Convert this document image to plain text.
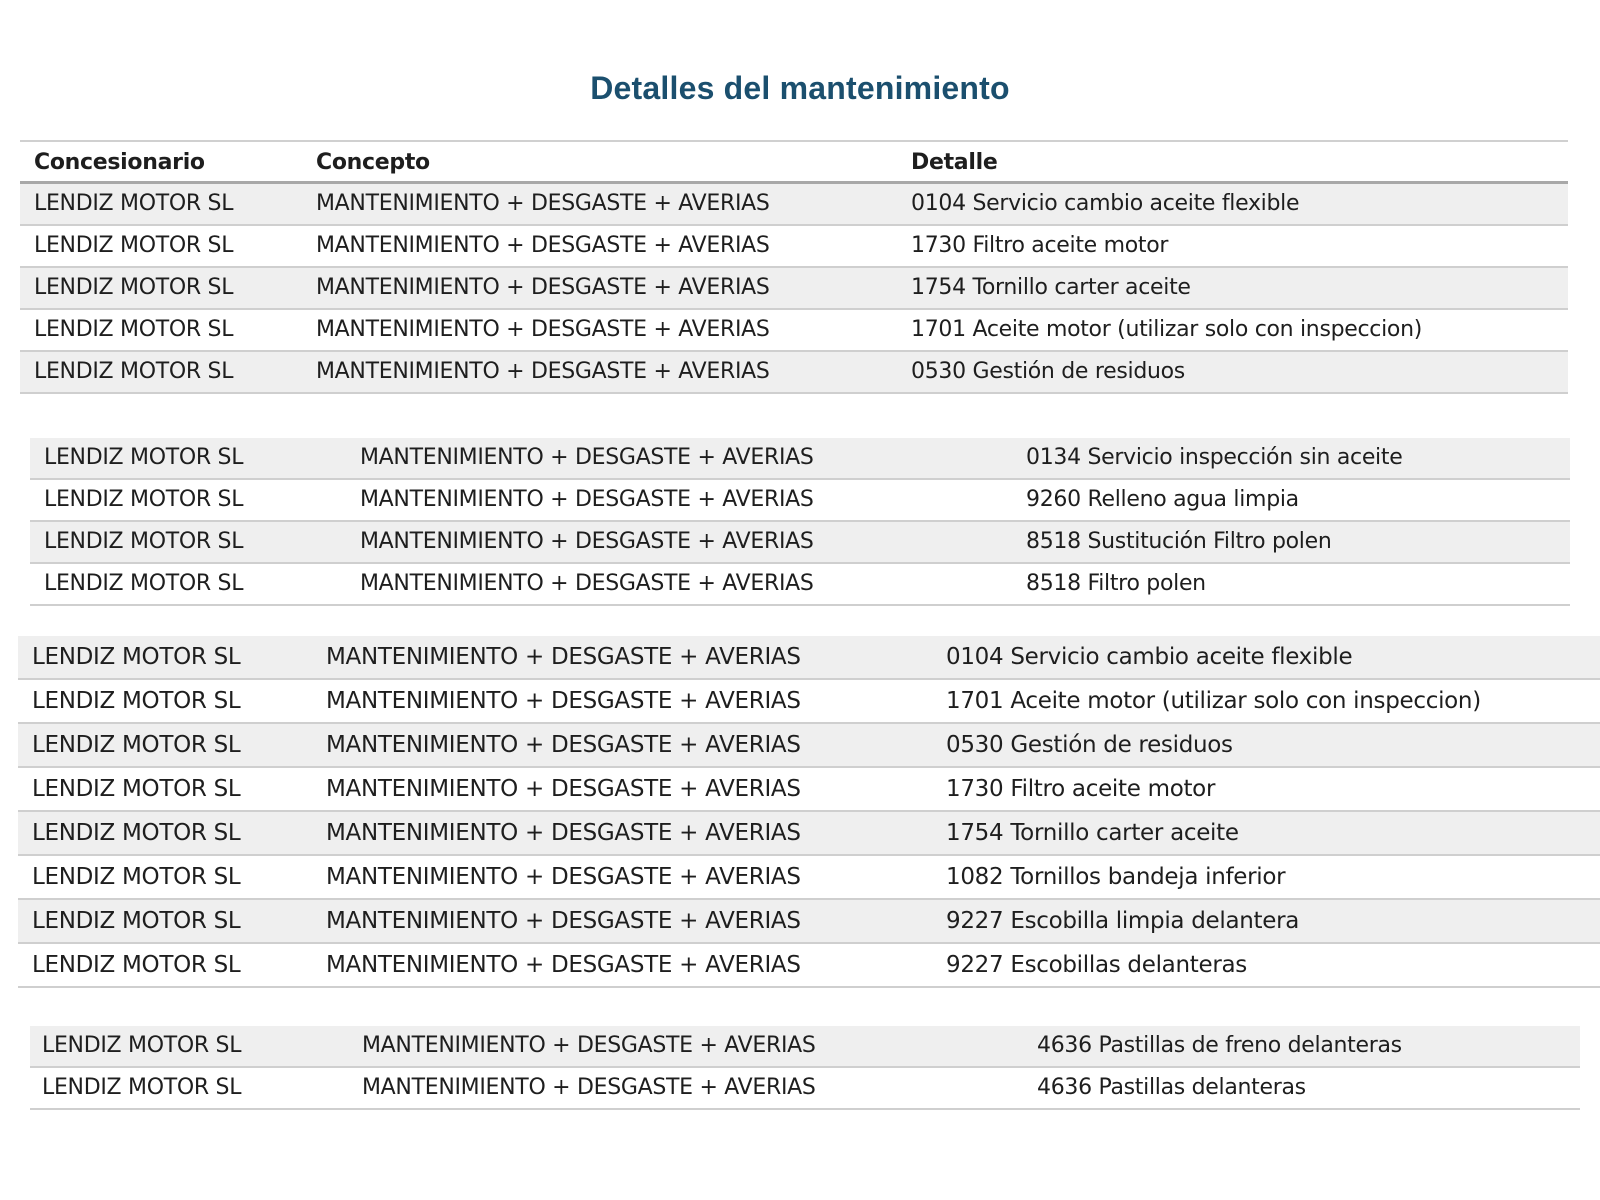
Detalles del mantenimiento
Concesionario	Concepto	Detalle
LENDIZ MOTOR SL	MANTENIMIENTO + DESGASTE + AVERIAS	0104 Servicio cambio aceite flexible
LENDIZ MOTOR SL	MANTENIMIENTO + DESGASTE + AVERIAS	1730 Filtro aceite motor
LENDIZ MOTOR SL	MANTENIMIENTO + DESGASTE + AVERIAS	1754 Tornillo carter aceite
LENDIZ MOTOR SL	MANTENIMIENTO + DESGASTE + AVERIAS	1701 Aceite motor (utilizar solo con inspeccion)
LENDIZ MOTOR SL	MANTENIMIENTO + DESGASTE + AVERIAS	0530 Gestión de residuos
LENDIZ MOTOR SL	MANTENIMIENTO + DESGASTE + AVERIAS	0134 Servicio inspección sin aceite
LENDIZ MOTOR SL	MANTENIMIENTO + DESGASTE + AVERIAS	9260 Relleno agua limpia
LENDIZ MOTOR SL	MANTENIMIENTO + DESGASTE + AVERIAS	8518 Sustitución Filtro polen
LENDIZ MOTOR SL	MANTENIMIENTO + DESGASTE + AVERIAS	8518 Filtro polen
LENDIZ MOTOR SL	MANTENIMIENTO + DESGASTE + AVERIAS	0104 Servicio cambio aceite flexible
LENDIZ MOTOR SL	MANTENIMIENTO + DESGASTE + AVERIAS	1701 Aceite motor (utilizar solo con inspeccion)
LENDIZ MOTOR SL	MANTENIMIENTO + DESGASTE + AVERIAS	0530 Gestión de residuos
LENDIZ MOTOR SL	MANTENIMIENTO + DESGASTE + AVERIAS	1730 Filtro aceite motor
LENDIZ MOTOR SL	MANTENIMIENTO + DESGASTE + AVERIAS	1754 Tornillo carter aceite
LENDIZ MOTOR SL	MANTENIMIENTO + DESGASTE + AVERIAS	1082 Tornillos bandeja inferior
LENDIZ MOTOR SL	MANTENIMIENTO + DESGASTE + AVERIAS	9227 Escobilla limpia delantera
LENDIZ MOTOR SL	MANTENIMIENTO + DESGASTE + AVERIAS	9227 Escobillas delanteras
LENDIZ MOTOR SL	MANTENIMIENTO + DESGASTE + AVERIAS	4636 Pastillas de freno delanteras
LENDIZ MOTOR SL	MANTENIMIENTO + DESGASTE + AVERIAS	4636 Pastillas delanteras
